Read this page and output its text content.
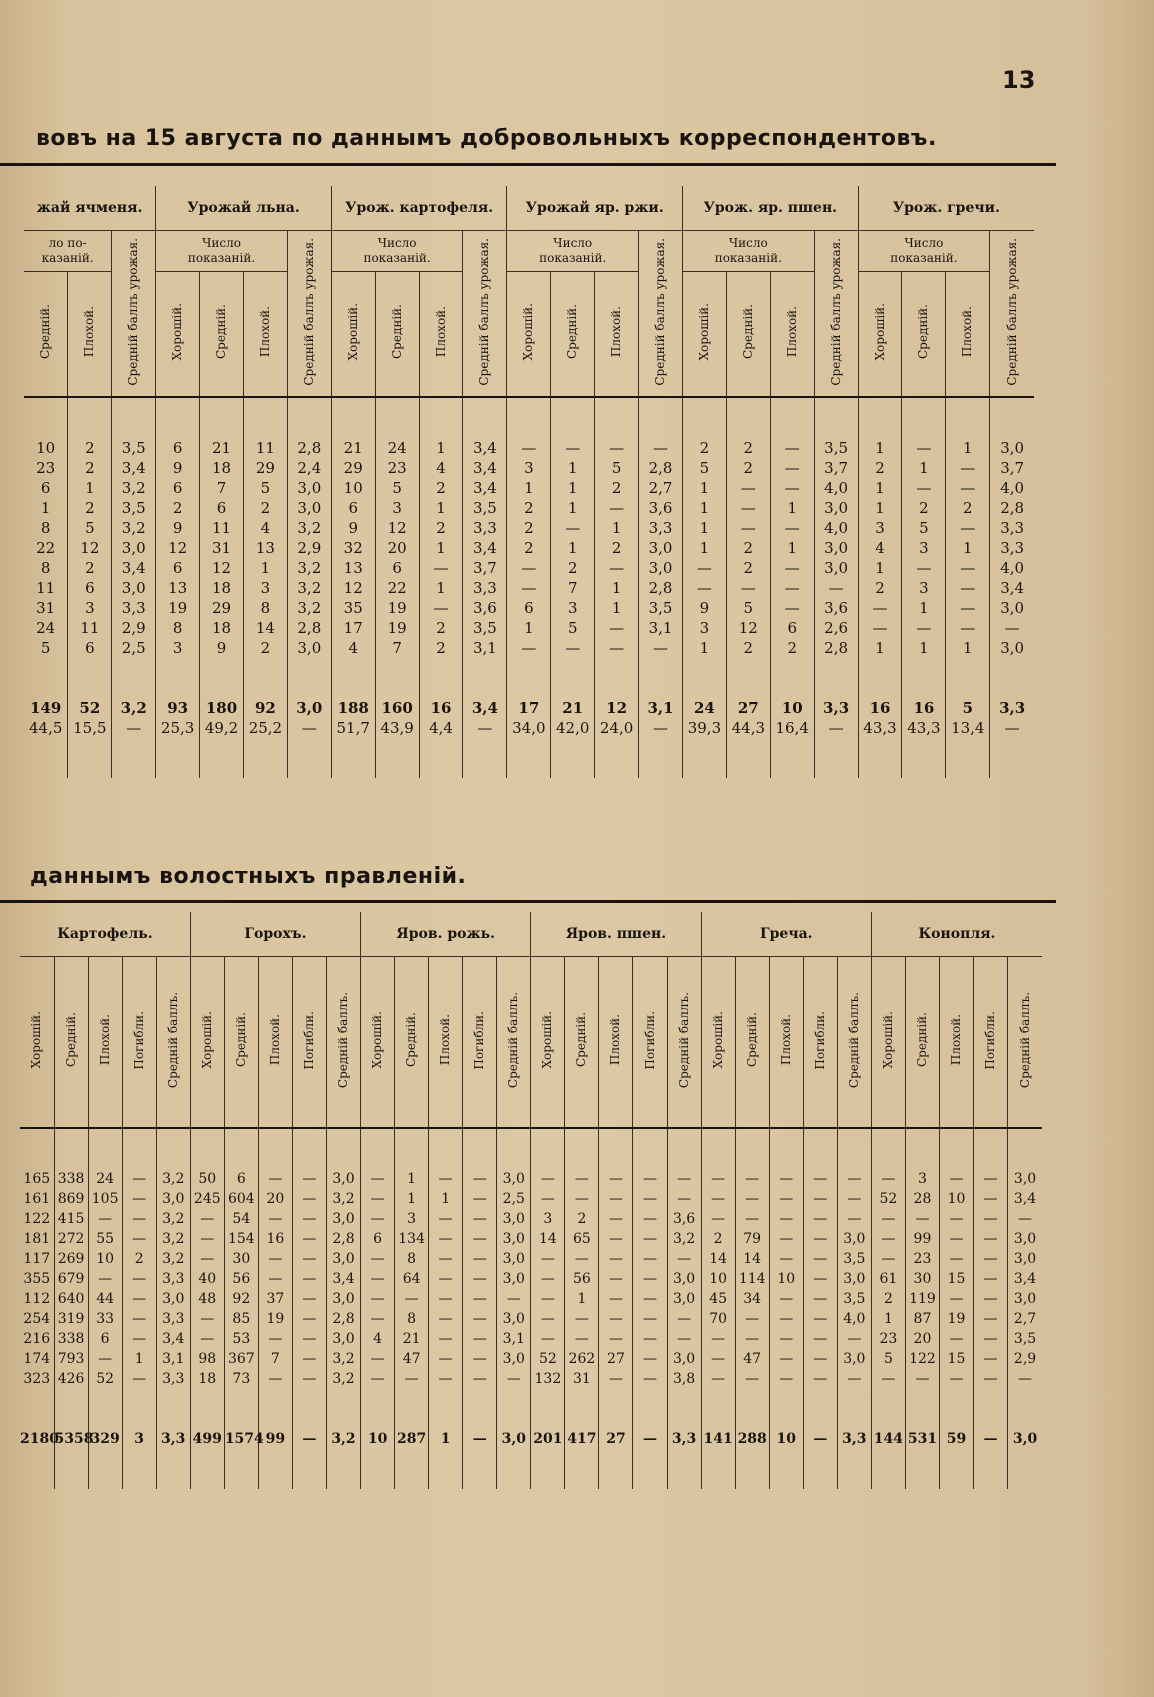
13
вовъ на 15 августа по даннымъ добровольныхъ корреспондентовъ.
жай ячменя.			Урожай льна.				Урож. картофеля.				Урожай яр. ржи.				Урож. яр. пшен.				Урож. гречи.			
ло по-
казаній.		Средній баллъ урожая.	Число
показаній.			Средній баллъ урожая.	Число
показаній.			Средній баллъ урожая.	Число
показаній.			Средній баллъ урожая.	Число
показаній.			Средній баллъ урожая.	Число
показаній.			Средній баллъ урожая.
Средній.	Плохой.		Хорошій.	Средній.	Плохой.		Хорошій.	Средній.	Плохой.		Хорошій.	Средній.	Плохой.		Хорошій.	Средній.	Плохой.		Хорошій.	Средній.	Плохой.	

10	2	3,5	6	21	11	2,8	21	24	1	3,4	—	—	—	—	2	2	—	3,5	1	—	1	3,0
23	2	3,4	9	18	29	2,4	29	23	4	3,4	3	1	5	2,8	5	2	—	3,7	2	1	—	3,7
6	1	3,2	6	7	5	3,0	10	5	2	3,4	1	1	2	2,7	1	—	—	4,0	1	—	—	4,0
1	2	3,5	2	6	2	3,0	6	3	1	3,5	2	1	—	3,6	1	—	1	3,0	1	2	2	2,8
8	5	3,2	9	11	4	3,2	9	12	2	3,3	2	—	1	3,3	1	—	—	4,0	3	5	—	3,3
22	12	3,0	12	31	13	2,9	32	20	1	3,4	2	1	2	3,0	1	2	1	3,0	4	3	1	3,3
8	2	3,4	6	12	1	3,2	13	6	—	3,7	—	2	—	3,0	—	2	—	3,0	1	—	—	4,0
11	6	3,0	13	18	3	3,2	12	22	1	3,3	—	7	1	2,8	—	—	—	—	2	3	—	3,4
31	3	3,3	19	29	8	3,2	35	19	—	3,6	6	3	1	3,5	9	5	—	3,6	—	1	—	3,0
24	11	2,9	8	18	14	2,8	17	19	2	3,5	1	5	—	3,1	3	12	6	2,6	—	—	—	—
5	6	2,5	3	9	2	3,0	4	7	2	3,1	—	—	—	—	1	2	2	2,8	1	1	1	3,0

149	52	3,2	93	180	92	3,0	188	160	16	3,4	17	21	12	3,1	24	27	10	3,3	16	16	5	3,3
44,5	15,5	—	25,3	49,2	25,2	—	51,7	43,9	4,4	—	34,0	42,0	24,0	—	39,3	44,3	16,4	—	43,3	43,3	13,4	—

даннымъ волостныхъ правленій.
Картофель.					Горохъ.					Яров. рожь.					Яров. пшен.					Греча.					Конопля.				
Хорошій.	Средній.	Плохой.	Погибли.	Средній баллъ.	Хорошій.	Средній.	Плохой.	Погибли.	Средній баллъ.	Хорошій.	Средній.	Плохой.	Погибли.	Средній баллъ.	Хорошій.	Средній.	Плохой.	Погибли.	Средній баллъ.	Хорошій.	Средній.	Плохой.	Погибли.	Средній баллъ.	Хорошій.	Средній.	Плохой.	Погибли.	Средній баллъ.

165	338	24	—	3,2	50	6	—	—	3,0	—	1	—	—	3,0	—	—	—	—	—	—	—	—	—	—	—	3	—	—	3,0
161	869	105	—	3,0	245	604	20	—	3,2	—	1	1	—	2,5	—	—	—	—	—	—	—	—	—	—	52	28	10	—	3,4
122	415	—	—	3,2	—	54	—	—	3,0	—	3	—	—	3,0	3	2	—	—	3,6	—	—	—	—	—	—	—	—	—	—
181	272	55	—	3,2	—	154	16	—	2,8	6	134	—	—	3,0	14	65	—	—	3,2	2	79	—	—	3,0	—	99	—	—	3,0
117	269	10	2	3,2	—	30	—	—	3,0	—	8	—	—	3,0	—	—	—	—	—	14	14	—	—	3,5	—	23	—	—	3,0
355	679	—	—	3,3	40	56	—	—	3,4	—	64	—	—	3,0	—	56	—	—	3,0	10	114	10	—	3,0	61	30	15	—	3,4
112	640	44	—	3,0	48	92	37	—	3,0	—	—	—	—	—	—	1	—	—	3,0	45	34	—	—	3,5	2	119	—	—	3,0
254	319	33	—	3,3	—	85	19	—	2,8	—	8	—	—	3,0	—	—	—	—	—	70	—	—	—	4,0	1	87	19	—	2,7
216	338	6	—	3,4	—	53	—	—	3,0	4	21	—	—	3,1	—	—	—	—	—	—	—	—	—	—	23	20	—	—	3,5
174	793	—	1	3,1	98	367	7	—	3,2	—	47	—	—	3,0	52	262	27	—	3,0	—	47	—	—	3,0	5	122	15	—	2,9
323	426	52	—	3,3	18	73	—	—	3,2	—	—	—	—	—	132	31	—	—	3,8	—	—	—	—	—	—	—	—	—	—

2180	5358	329	3	3,3	499	1574	99	—	3,2	10	287	1	—	3,0	201	417	27	—	3,3	141	288	10	—	3,3	144	531	59	—	3,0
